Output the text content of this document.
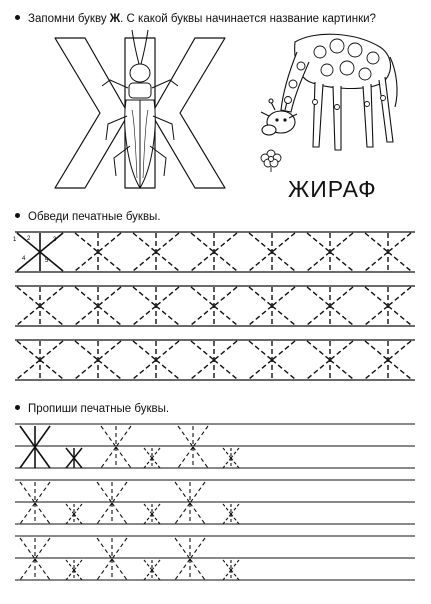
Запомни букву Ж. С какой буквы начинается название картинки?
ЖИРАФ
Обведи печатные буквы.
Пропиши печатные буквы.
1 2	3
4	5
